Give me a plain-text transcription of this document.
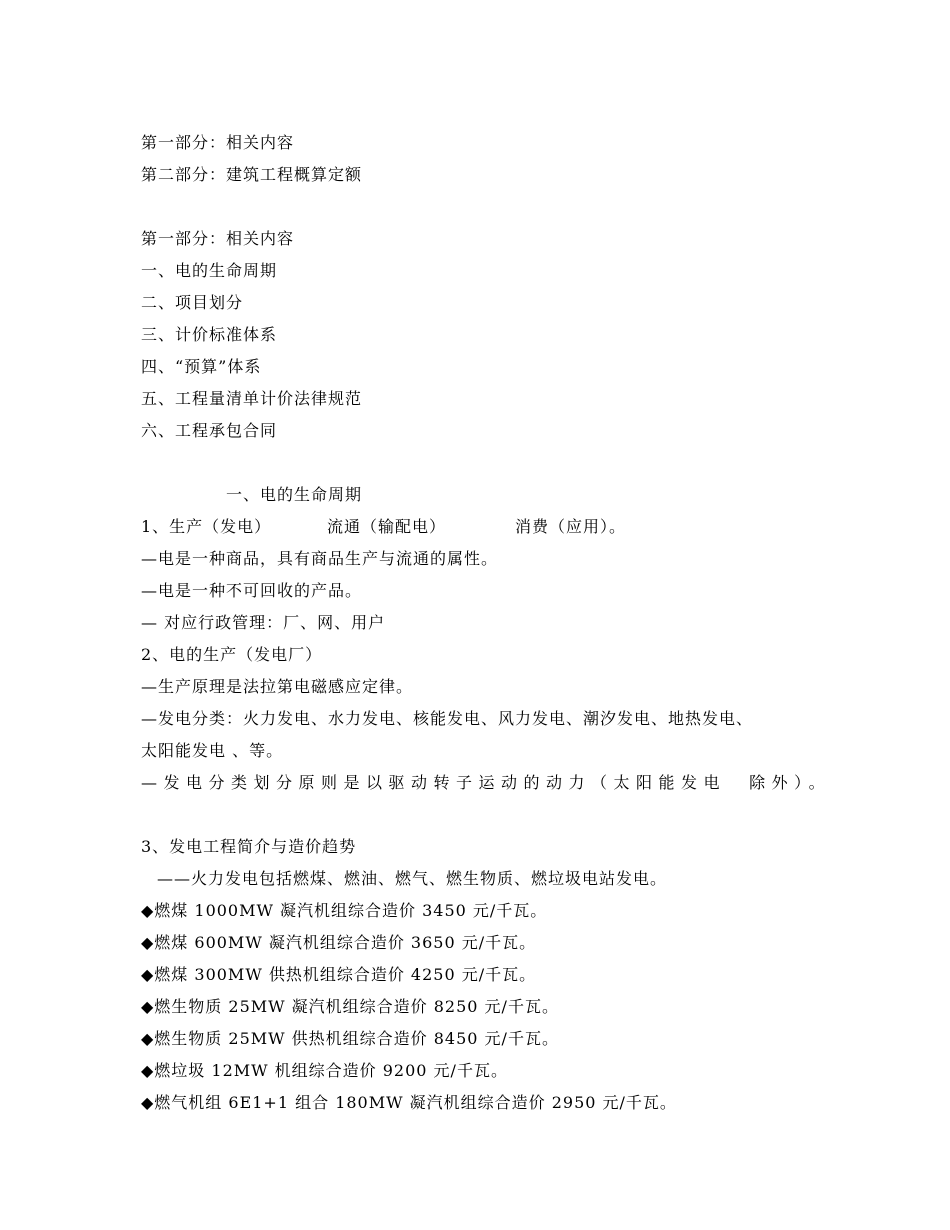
第一部分：相关内容
第二部分：建筑工程概算定额
第一部分：相关内容
一、电的生命周期
二、项目划分
三、计价标准体系
四、“预算”体系
五、工程量清单计价法律规范
六、工程承包合同
一、电的生命周期
1、生产（发电）	流通（输配电）	消费（应用）。
—电是一种商品，具有商品生产与流通的属性。
—电是一种不可回收的产品。
— 对应行政管理：厂、网、用户
2、电的生产（发电厂）
—生产原理是法拉第电磁感应定律。
—发电分类：火力发电、水力发电、核能发电、风力发电、潮汐发电、地热发电、
太阳能发电 、等。
—发电分类划分原则是以驱动转子运动的动力（太阳能发电  除外）。
3、发电工程简介与造价趋势
——火力发电包括燃煤、燃油、燃气、燃生物质、燃垃圾电站发电。
◆燃煤 1000MW 凝汽机组综合造价 3450 元/千瓦。
◆燃煤 600MW 凝汽机组综合造价 3650 元/千瓦。
◆燃煤 300MW 供热机组综合造价 4250 元/千瓦。
◆燃生物质 25MW 凝汽机组综合造价 8250 元/千瓦。
◆燃生物质 25MW 供热机组综合造价 8450 元/千瓦。
◆燃垃圾 12MW 机组综合造价 9200 元/千瓦。
◆燃气机组 6E1+1 组合 180MW 凝汽机组综合造价 2950 元/千瓦。
